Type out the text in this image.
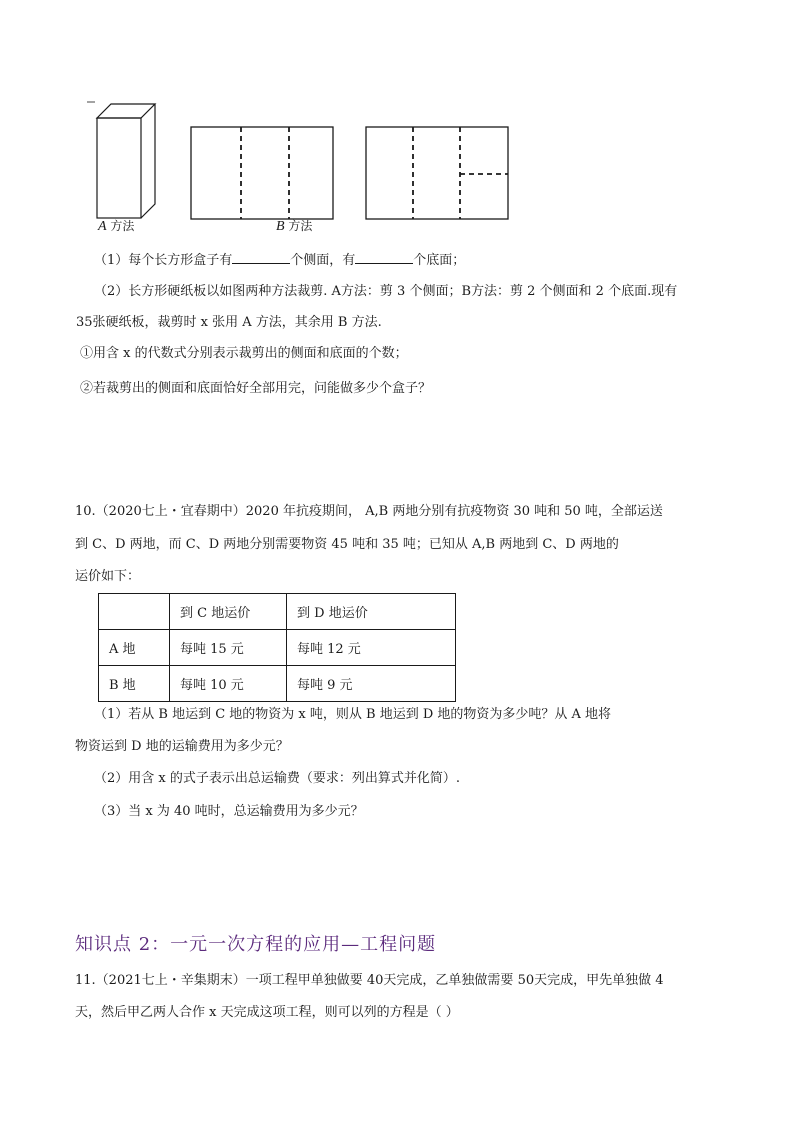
A 方法	B 方法
（1）每个长方形盒子有	个侧面，有	个底面；
（2）长方形硬纸板以如图两种方法裁剪. A方法：剪 3 个侧面；B方法：剪 2 个侧面和 2 个底面.现有
35张硬纸板，裁剪时 x 张用 A 方法，其余用 B 方法.
①用含 x 的代数式分别表示裁剪出的侧面和底面的个数；
②若裁剪出的侧面和底面恰好全部用完，问能做多少个盒子？
10.（2020七上・宜春期中）2020 年抗疫期间， A,B 两地分别有抗疫物资 30 吨和 50 吨，全部运送
到 C、D 两地，而 C、D 两地分别需要物资 45 吨和 35 吨；已知从 A,B 两地到 C、D 两地的
运价如下：
	到 C 地运价	到 D 地运价
A 地	每吨 15 元	每吨 12 元
B 地	每吨 10 元	每吨 9 元
（1）若从 B 地运到 C 地的物资为 x 吨，则从 B 地运到 D 地的物资为多少吨？从 A 地将
物资运到 D 地的运输费用为多少元？
（2）用含 x 的式子表示出总运输费（要求：列出算式并化简）.
（3）当 x 为 40 吨时，总运输费用为多少元？
知识点 2：一元一次方程的应用—工程问题
11.（2021七上・辛集期末）一项工程甲单独做要 40天完成，乙单独做需要 50天完成，甲先单独做 4
天，然后甲乙两人合作 x 天完成这项工程，则可以列的方程是（ ）
